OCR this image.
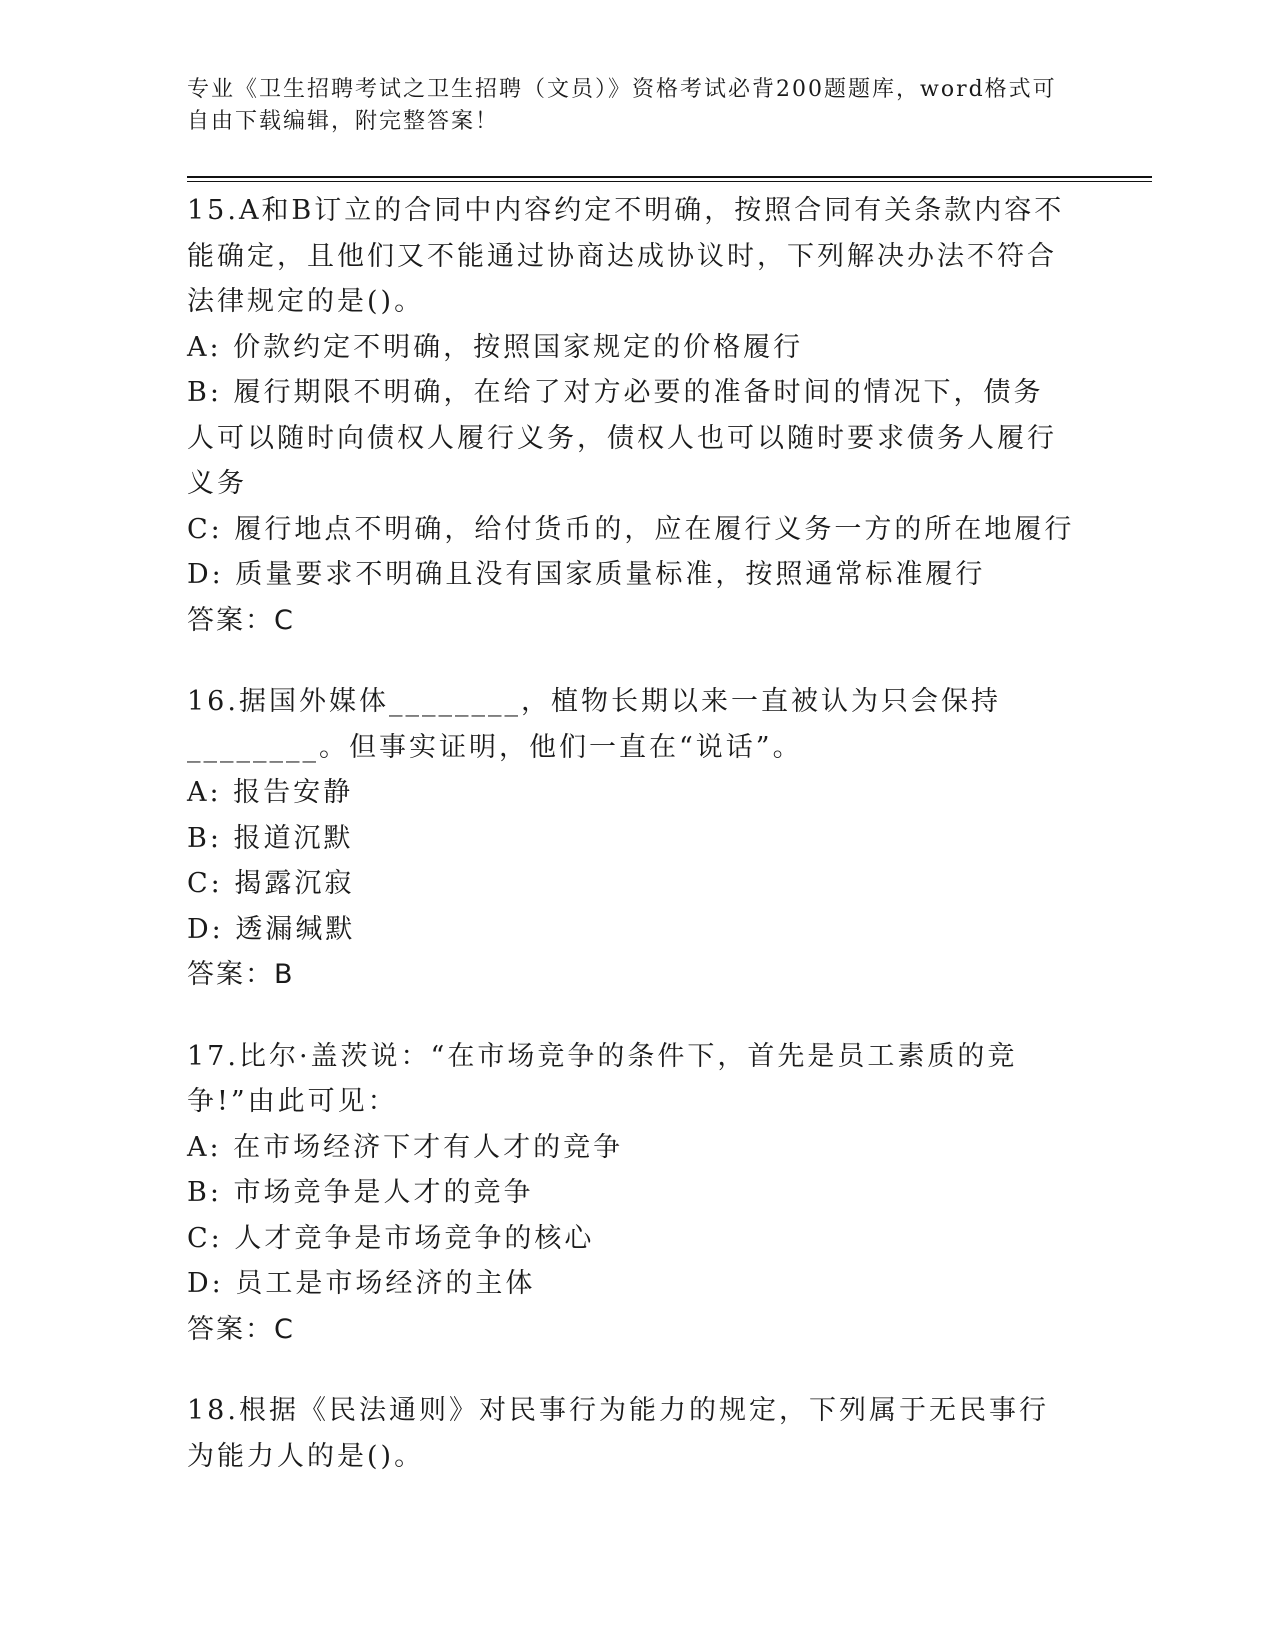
专业《卫生招聘考试之卫生招聘（文员）》资格考试必背200题题库，word格式可自由下载编辑，附完整答案！
15.A和B订立的合同中内容约定不明确，按照合同有关条款内容不能确定，且他们又不能通过协商达成协议时，下列解决办法不符合法律规定的是()。
A: 价款约定不明确，按照国家规定的价格履行
B: 履行期限不明确，在给了对方必要的准备时间的情况下，债务人可以随时向债权人履行义务，债权人也可以随时要求债务人履行义务
C: 履行地点不明确，给付货币的，应在履行义务一方的所在地履行
D: 质量要求不明确且没有国家质量标准，按照通常标准履行
答案：C
16.据国外媒体________，植物长期以来一直被认为只会保持________。但事实证明，他们一直在“说话”。
A: 报告安静
B: 报道沉默
C: 揭露沉寂
D: 透漏缄默
答案：B
17.比尔·盖茨说：“在市场竞争的条件下，首先是员工素质的竞争!”由此可见：
A: 在市场经济下才有人才的竞争
B: 市场竞争是人才的竞争
C: 人才竞争是市场竞争的核心
D: 员工是市场经济的主体
答案：C
18.根据《民法通则》对民事行为能力的规定，下列属于无民事行为能力人的是()。
